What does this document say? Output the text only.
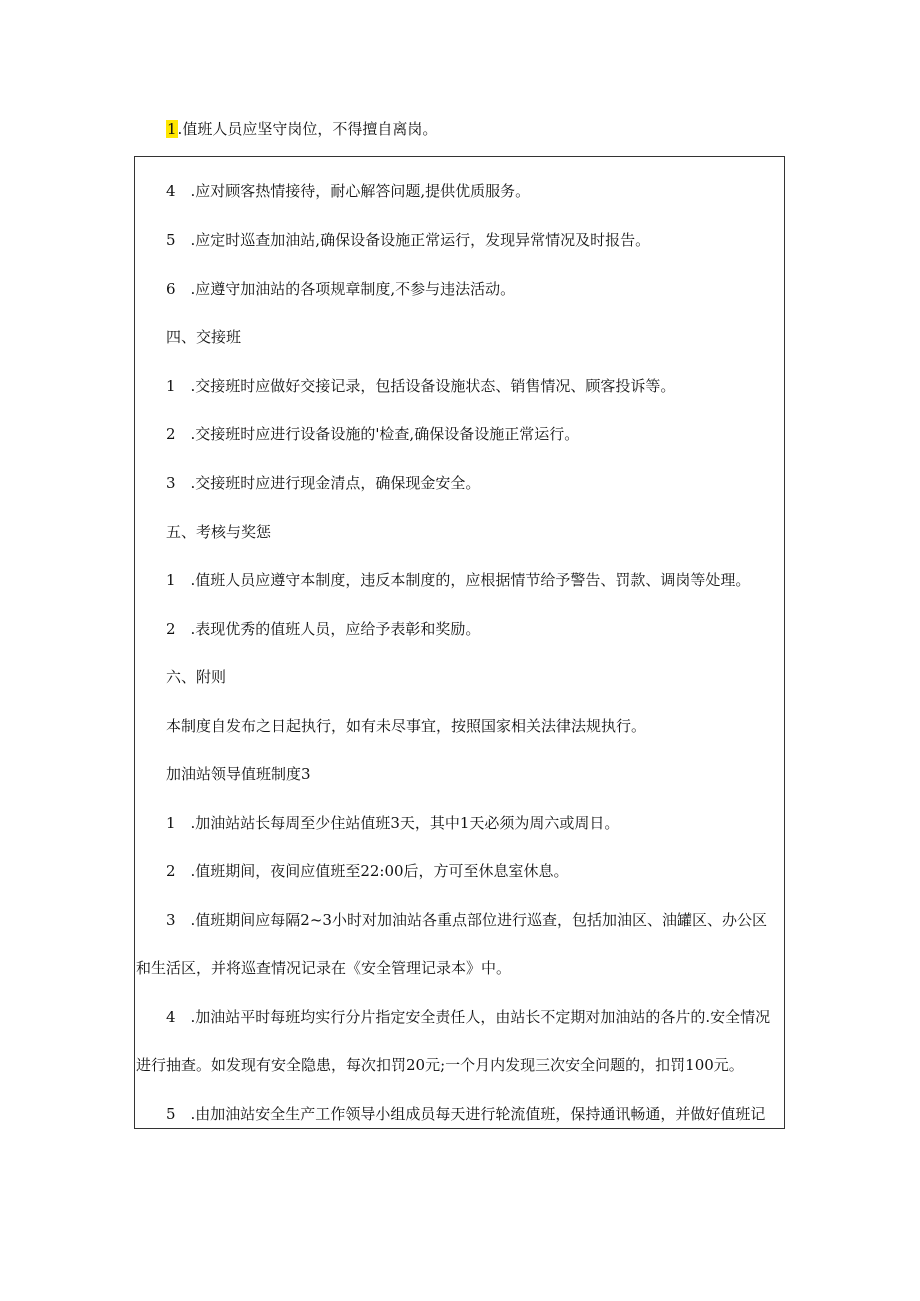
1.值班人员应坚守岗位，不得擅自离岗。
4　.应对顾客热情接待，耐心解答问题,提供优质服务。
5　.应定时巡查加油站,确保设备设施正常运行，发现异常情况及时报告。
6　.应遵守加油站的各项规章制度,不参与违法活动。
四、交接班
1　.交接班时应做好交接记录，包括设备设施状态、销售情况、顾客投诉等。
2　.交接班时应进行设备设施的'检查,确保设备设施正常运行。
3　.交接班时应进行现金清点，确保现金安全。
五、考核与奖惩
1　.值班人员应遵守本制度，违反本制度的，应根据情节给予警告、罚款、调岗等处理。
2　.表现优秀的值班人员，应给予表彰和奖励。
六、附则
本制度自发布之日起执行，如有未尽事宜，按照国家相关法律法规执行。
加油站领导值班制度3
1　.加油站站长每周至少住站值班3天，其中1天必须为周六或周日。
2　.值班期间，夜间应值班至22:00后，方可至休息室休息。
3　.值班期间应每隔2~3小时对加油站各重点部位进行巡查，包括加油区、油罐区、办公区
和生活区，并将巡查情况记录在《安全管理记录本》中。
4　.加油站平时每班均实行分片指定安全责任人，由站长不定期对加油站的各片的.安全情况
进行抽查。如发现有安全隐患，每次扣罚20元;一个月内发现三次安全问题的，扣罚100元。
5　.由加油站安全生产工作领导小组成员每天进行轮流值班，保持通讯畅通，并做好值班记
